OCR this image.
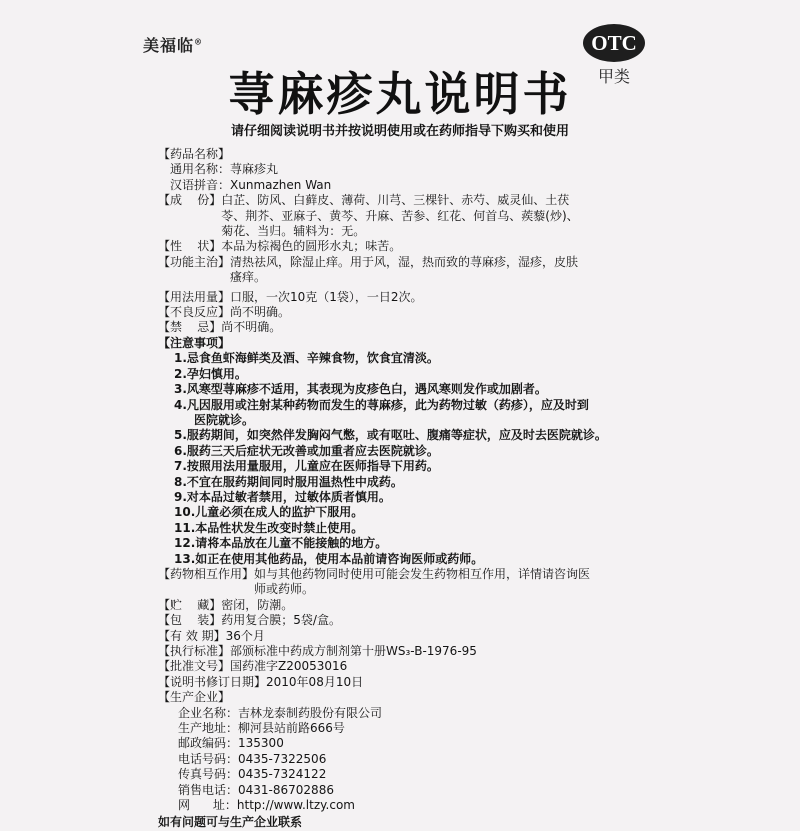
美福临®	OTC
甲类
荨麻疹丸说明书
请仔细阅读说明书并按说明使用或在药师指导下购买和使用
【药品名称】
通用名称： 荨麻疹丸
汉语拼音： Xunmazhen Wan
【成    份】 白芷、防风、白藓皮、薄荷、川芎、三棵针、赤芍、威灵仙、土茯
苓、荆芥、亚麻子、黄芩、升麻、苦参、红花、何首乌、蒺藜(炒)、
菊花、当归。辅料为：无。
【性    状】 本品为棕褐色的圆形水丸；味苦。
【功能主治】 清热祛风，除湿止痒。用于风，湿，热而致的荨麻疹，湿疹，皮肤
瘙痒。
【用法用量】 口服，一次10克（1袋），一日2次。
【不良反应】 尚不明确。
【禁    忌】 尚不明确。
【注意事项】
1.忌食鱼虾海鲜类及酒、辛辣食物，饮食宜清淡。
2.孕妇慎用。
3.风寒型荨麻疹不适用，其表现为皮疹色白，遇风寒则发作或加剧者。
4.凡因服用或注射某种药物而发生的荨麻疹，此为药物过敏（药疹），应及时到
医院就诊。
5.服药期间，如突然伴发胸闷气憋，或有呕吐、腹痛等症状，应及时去医院就诊。
6.服药三天后症状无改善或加重者应去医院就诊。
7.按照用法用量服用，儿童应在医师指导下用药。
8.不宜在服药期间同时服用温热性中成药。
9.对本品过敏者禁用，过敏体质者慎用。
10.儿童必须在成人的监护下服用。
11.本品性状发生改变时禁止使用。
12.请将本品放在儿童不能接触的地方。
13.如正在使用其他药品，使用本品前请咨询医师或药师。
【药物相互作用】 如与其他药物同时使用可能会发生药物相互作用，详情请咨询医
师或药师。
【贮    藏】 密闭，防潮。
【包    装】 药用复合膜；5袋/盒。
【有 效 期】 36个月
【执行标准】 部颁标准中药成方制剂第十册WS₃-B-1976-95
【批准文号】 国药准字Z20053016
【说明书修订日期】 2010年08月10日
【生产企业】
企业名称： 吉林龙泰制药股份有限公司
生产地址： 柳河县站前路666号
邮政编码： 135300
电话号码： 0435-7322506
传真号码： 0435-7324122
销售电话： 0431-86702886
网      址： http://www.ltzy.com
如有问题可与生产企业联系
